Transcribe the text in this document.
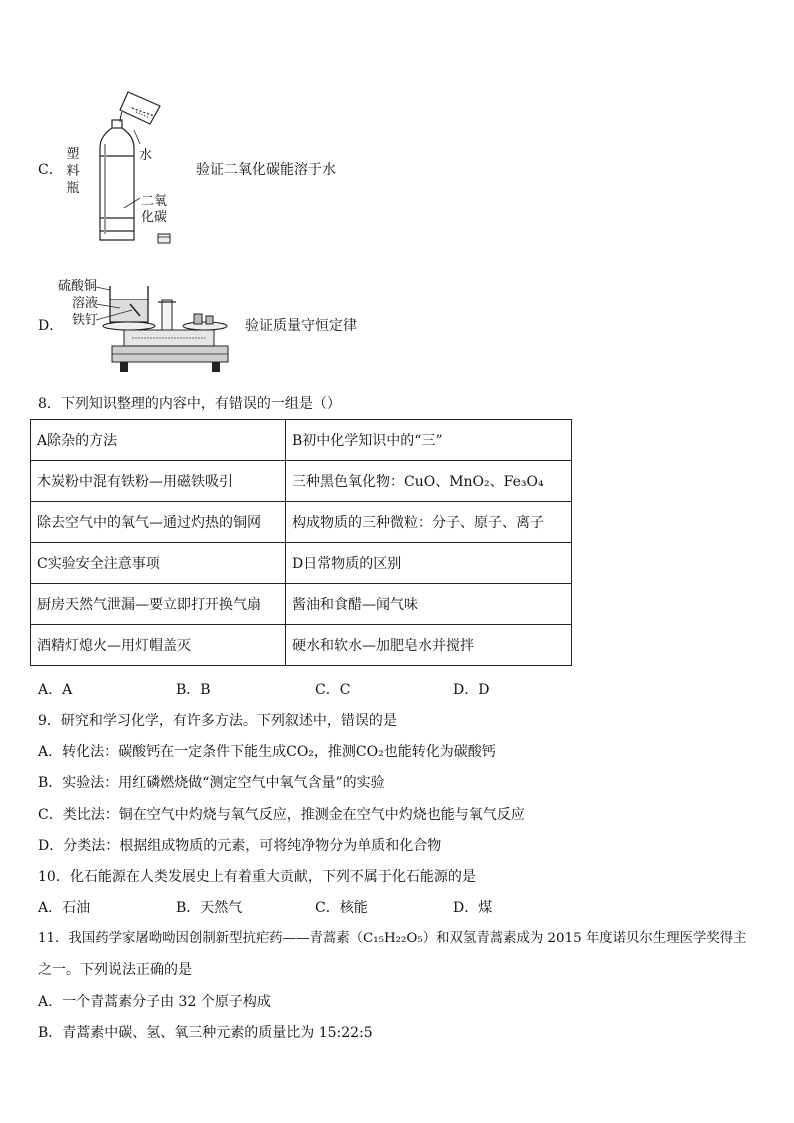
C．
塑
料
瓶
水
二氧
化碳
验证二氧化碳能溶于水
D．
硫酸铜
溶液
铁钉	验证质量守恒定律
8．下列知识整理的内容中，有错误的一组是（）
A除杂的方法	B初中化学知识中的“三”
木炭粉中混有铁粉—用磁铁吸引	三种黑色氧化物：CuO、MnO₂、Fe₃O₄
除去空气中的氧气—通过灼热的铜网	构成物质的三种微粒：分子、原子、离子
C实验安全注意事项	D日常物质的区别
厨房天然气泄漏—要立即打开换气扇	酱油和食醋—闻气味
酒精灯熄火—用灯帽盖灭	硬水和软水—加肥皂水并搅拌
A．A	B．B	C．C	D．D
9．研究和学习化学，有许多方法。下列叙述中，错误的是
A．转化法：碳酸钙在一定条件下能生成CO₂，推测CO₂也能转化为碳酸钙
B．实验法：用红磷燃烧做“测定空气中氧气含量”的实验
C．类比法：铜在空气中灼烧与氧气反应，推测金在空气中灼烧也能与氧气反应
D．分类法：根据组成物质的元素，可将纯净物分为单质和化合物
10．化石能源在人类发展史上有着重大贡献，下列不属于化石能源的是
A．石油	B．天然气	C．核能	D．煤
11．我国药学家屠呦呦因创制新型抗疟药——青蒿素（C₁₅H₂₂O₅）和双氢青蒿素成为 2015 年度诺贝尔生理医学奖得主
之一。下列说法正确的是
A．一个青蒿素分子由 32 个原子构成
B．青蒿素中碳、氢、氧三种元素的质量比为 15:22:5
